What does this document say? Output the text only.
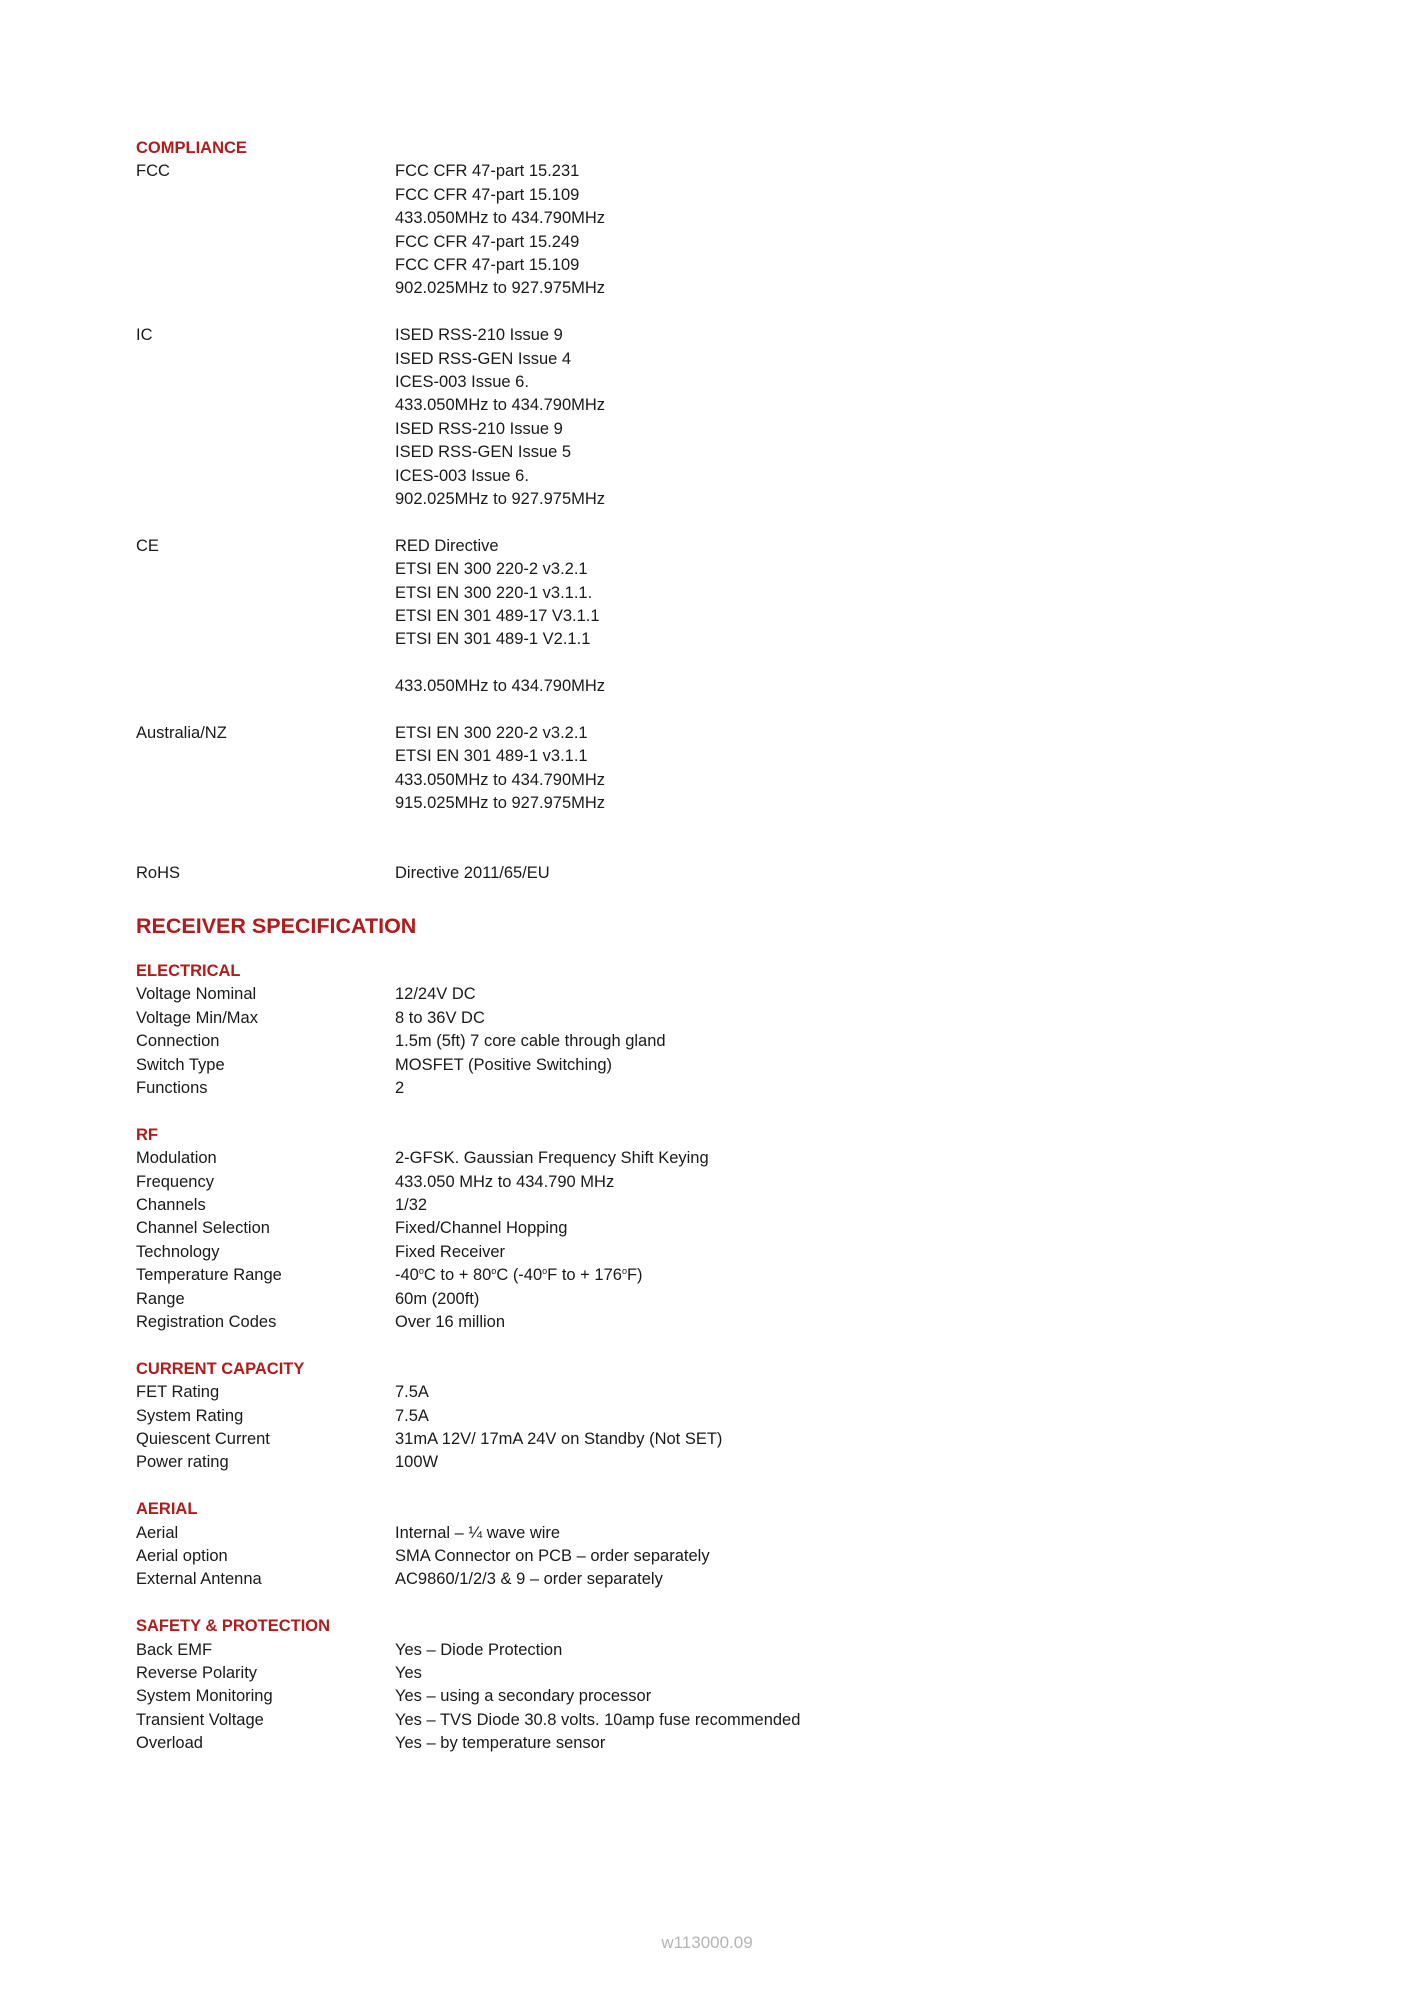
COMPLIANCE
FCC	FCC CFR 47-part 15.231
FCC CFR 47-part 15.109
433.050MHz to 434.790MHz
FCC CFR 47-part 15.249
FCC CFR 47-part 15.109
902.025MHz to 927.975MHz
IC	ISED RSS-210 Issue 9
ISED RSS-GEN Issue 4
ICES-003 Issue 6.
433.050MHz to 434.790MHz
ISED RSS-210 Issue 9
ISED RSS-GEN Issue 5
ICES-003 Issue 6.
902.025MHz to 927.975MHz
CE	RED Directive
ETSI EN 300 220-2 v3.2.1
ETSI EN 300 220-1 v3.1.1.
ETSI EN 301 489-17 V3.1.1
ETSI EN 301 489-1 V2.1.1
433.050MHz to 434.790MHz
Australia/NZ	ETSI EN 300 220-2 v3.2.1
ETSI EN 301 489-1 v3.1.1
433.050MHz to 434.790MHz
915.025MHz to 927.975MHz
RoHS	Directive 2011/65/EU
RECEIVER SPECIFICATION
ELECTRICAL
Voltage Nominal	12/24V DC
Voltage Min/Max	8 to 36V DC
Connection	1.5m (5ft) 7 core cable through gland
Switch Type	MOSFET (Positive Switching)
Functions	2
RF
Modulation	2-GFSK. Gaussian Frequency Shift Keying
Frequency	433.050 MHz to 434.790 MHz
Channels	1/32
Channel Selection	Fixed/Channel Hopping
Technology	Fixed Receiver
Temperature Range	-40$^o$C to + $80^oC$ (-40$^o$F to + $176^oF$)
Range	60m (200ft)
Registration Codes	Over 16 million
CURRENT CAPACITY
FET Rating	7.5A
System Rating	7.5A
Quiescent Current	31mA 12V/ 17mA 24V on Standby (Not SET)
Power rating	100W
AERIAL
Aerial	Internal – ¼ wave wire
Aerial option	SMA Connector on PCB – order separately
External Antenna	AC9860/1/2/3 & 9 – order separately
SAFETY & PROTECTION
Back EMF	Yes – Diode Protection
Reverse Polarity	Yes
System Monitoring	Yes – using a secondary processor
Transient Voltage	Yes – TVS Diode 30.8 volts. 10amp fuse recommended
Overload	Yes – by temperature sensor
w113000.09
